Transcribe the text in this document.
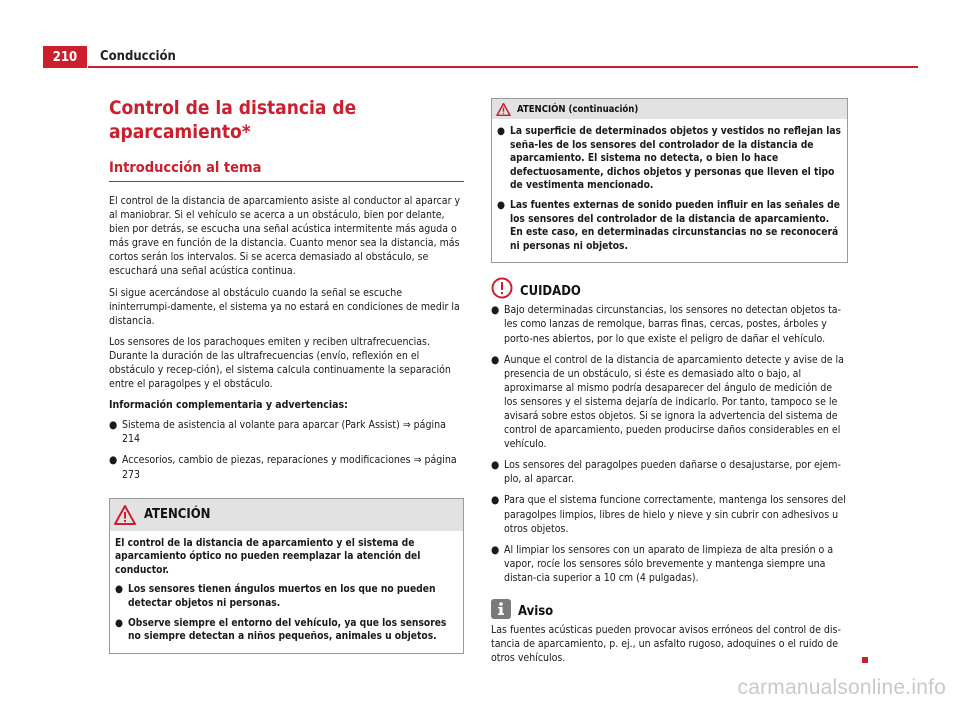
210	Conducción
Control de la distancia de aparcamiento*
Introducción al tema

El control de la distancia de aparcamiento asiste al conductor al aparcar y al maniobrar. Si el vehículo se acerca a un obstáculo, bien por delante, bien por detrás, se escucha una señal acústica intermitente más aguda o más grave en función de la distancia. Cuanto menor sea la distancia, más cortos serán los intervalos. Si se acerca demasiado al obstáculo, se escuchará una señal acústica continua.

Si sigue acercándose al obstáculo cuando la señal se escuche ininterrumpi-damente, el sistema ya no estará en condiciones de medir la distancia.

Los sensores de los parachoques emiten y reciben ultrafrecuencias. Durante la duración de las ultrafrecuencias (envío, reflexión en el obstáculo y recep-ción), el sistema calcula continuamente la separación entre el paragolpes y el obstáculo.

Información complementaria y advertencias:

● Sistema de asistencia al volante para aparcar (Park Assist) ⇒ página 214

● Accesorios, cambio de piezas, reparaciones y modificaciones ⇒ página 273

ATENCIÓN

El control de la distancia de aparcamiento y el sistema de aparcamiento óptico no pueden reemplazar la atención del conductor.

● Los sensores tienen ángulos muertos en los que no pueden detectar objetos ni personas.

● Observe siempre el entorno del vehículo, ya que los sensores no siempre detectan a niños pequeños, animales u objetos.

ATENCIÓN (continuación)

● La superficie de determinados objetos y vestidos no reflejan las seña-les de los sensores del controlador de la distancia de aparcamiento. El sistema no detecta, o bien lo hace defectuosamente, dichos objetos y personas que lleven el tipo de vestimenta mencionado.

● Las fuentes externas de sonido pueden influir en las señales de los sensores del controlador de la distancia de aparcamiento. En este caso, en determinadas circunstancias no se reconocerá ni personas ni objetos.

CUIDADO

● Bajo determinadas circunstancias, los sensores no detectan objetos ta-les como lanzas de remolque, barras finas, cercas, postes, árboles y porto-nes abiertos, por lo que existe el peligro de dañar el vehículo.

● Aunque el control de la distancia de aparcamiento detecte y avise de la presencia de un obstáculo, si éste es demasiado alto o bajo, al aproximarse al mismo podría desaparecer del ángulo de medición de los sensores y el sistema dejaría de indicarlo. Por tanto, tampoco se le avisará sobre estos objetos. Si se ignora la advertencia del sistema de control de aparcamiento, pueden producirse daños considerables en el vehículo.

● Los sensores del paragolpes pueden dañarse o desajustarse, por ejem-plo, al aparcar.

● Para que el sistema funcione correctamente, mantenga los sensores del paragolpes limpios, libres de hielo y nieve y sin cubrir con adhesivos u otros objetos.

● Al limpiar los sensores con un aparato de limpieza de alta presión o a vapor, rocíe los sensores sólo brevemente y mantenga siempre una distan-cia superior a 10 cm (4 pulgadas).

Aviso

Las fuentes acústicas pueden provocar avisos erróneos del control de dis-tancia de aparcamiento, p. ej., un asfalto rugoso, adoquines o el ruido de otros vehículos.

carmanualsonline.info
